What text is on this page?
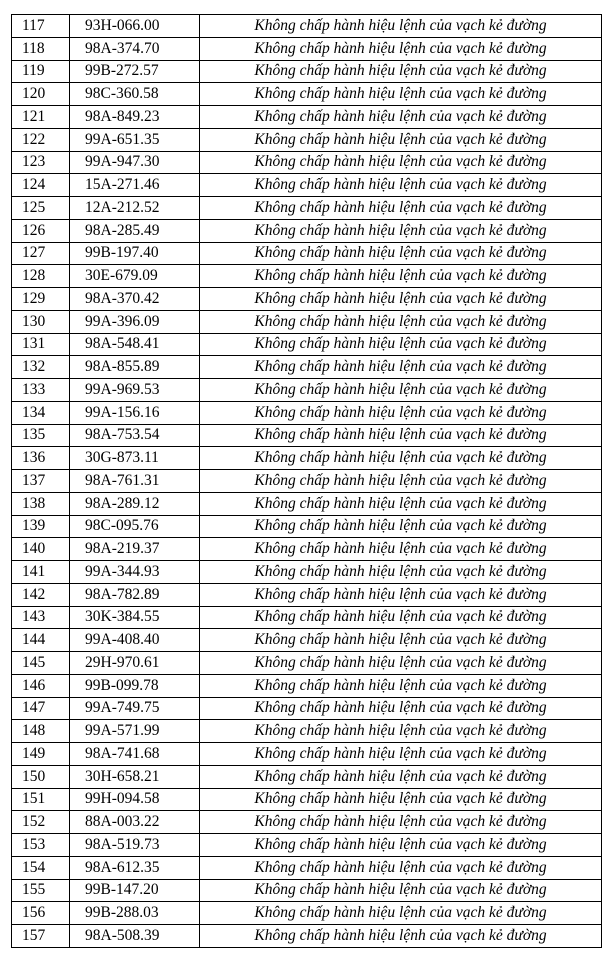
117	93H-066.00	Không chấp hành hiệu lệnh của vạch kẻ đường
118	98A-374.70	Không chấp hành hiệu lệnh của vạch kẻ đường
119	99B-272.57	Không chấp hành hiệu lệnh của vạch kẻ đường
120	98C-360.58	Không chấp hành hiệu lệnh của vạch kẻ đường
121	98A-849.23	Không chấp hành hiệu lệnh của vạch kẻ đường
122	99A-651.35	Không chấp hành hiệu lệnh của vạch kẻ đường
123	99A-947.30	Không chấp hành hiệu lệnh của vạch kẻ đường
124	15A-271.46	Không chấp hành hiệu lệnh của vạch kẻ đường
125	12A-212.52	Không chấp hành hiệu lệnh của vạch kẻ đường
126	98A-285.49	Không chấp hành hiệu lệnh của vạch kẻ đường
127	99B-197.40	Không chấp hành hiệu lệnh của vạch kẻ đường
128	30E-679.09	Không chấp hành hiệu lệnh của vạch kẻ đường
129	98A-370.42	Không chấp hành hiệu lệnh của vạch kẻ đường
130	99A-396.09	Không chấp hành hiệu lệnh của vạch kẻ đường
131	98A-548.41	Không chấp hành hiệu lệnh của vạch kẻ đường
132	98A-855.89	Không chấp hành hiệu lệnh của vạch kẻ đường
133	99A-969.53	Không chấp hành hiệu lệnh của vạch kẻ đường
134	99A-156.16	Không chấp hành hiệu lệnh của vạch kẻ đường
135	98A-753.54	Không chấp hành hiệu lệnh của vạch kẻ đường
136	30G-873.11	Không chấp hành hiệu lệnh của vạch kẻ đường
137	98A-761.31	Không chấp hành hiệu lệnh của vạch kẻ đường
138	98A-289.12	Không chấp hành hiệu lệnh của vạch kẻ đường
139	98C-095.76	Không chấp hành hiệu lệnh của vạch kẻ đường
140	98A-219.37	Không chấp hành hiệu lệnh của vạch kẻ đường
141	99A-344.93	Không chấp hành hiệu lệnh của vạch kẻ đường
142	98A-782.89	Không chấp hành hiệu lệnh của vạch kẻ đường
143	30K-384.55	Không chấp hành hiệu lệnh của vạch kẻ đường
144	99A-408.40	Không chấp hành hiệu lệnh của vạch kẻ đường
145	29H-970.61	Không chấp hành hiệu lệnh của vạch kẻ đường
146	99B-099.78	Không chấp hành hiệu lệnh của vạch kẻ đường
147	99A-749.75	Không chấp hành hiệu lệnh của vạch kẻ đường
148	99A-571.99	Không chấp hành hiệu lệnh của vạch kẻ đường
149	98A-741.68	Không chấp hành hiệu lệnh của vạch kẻ đường
150	30H-658.21	Không chấp hành hiệu lệnh của vạch kẻ đường
151	99H-094.58	Không chấp hành hiệu lệnh của vạch kẻ đường
152	88A-003.22	Không chấp hành hiệu lệnh của vạch kẻ đường
153	98A-519.73	Không chấp hành hiệu lệnh của vạch kẻ đường
154	98A-612.35	Không chấp hành hiệu lệnh của vạch kẻ đường
155	99B-147.20	Không chấp hành hiệu lệnh của vạch kẻ đường
156	99B-288.03	Không chấp hành hiệu lệnh của vạch kẻ đường
157	98A-508.39	Không chấp hành hiệu lệnh của vạch kẻ đường
